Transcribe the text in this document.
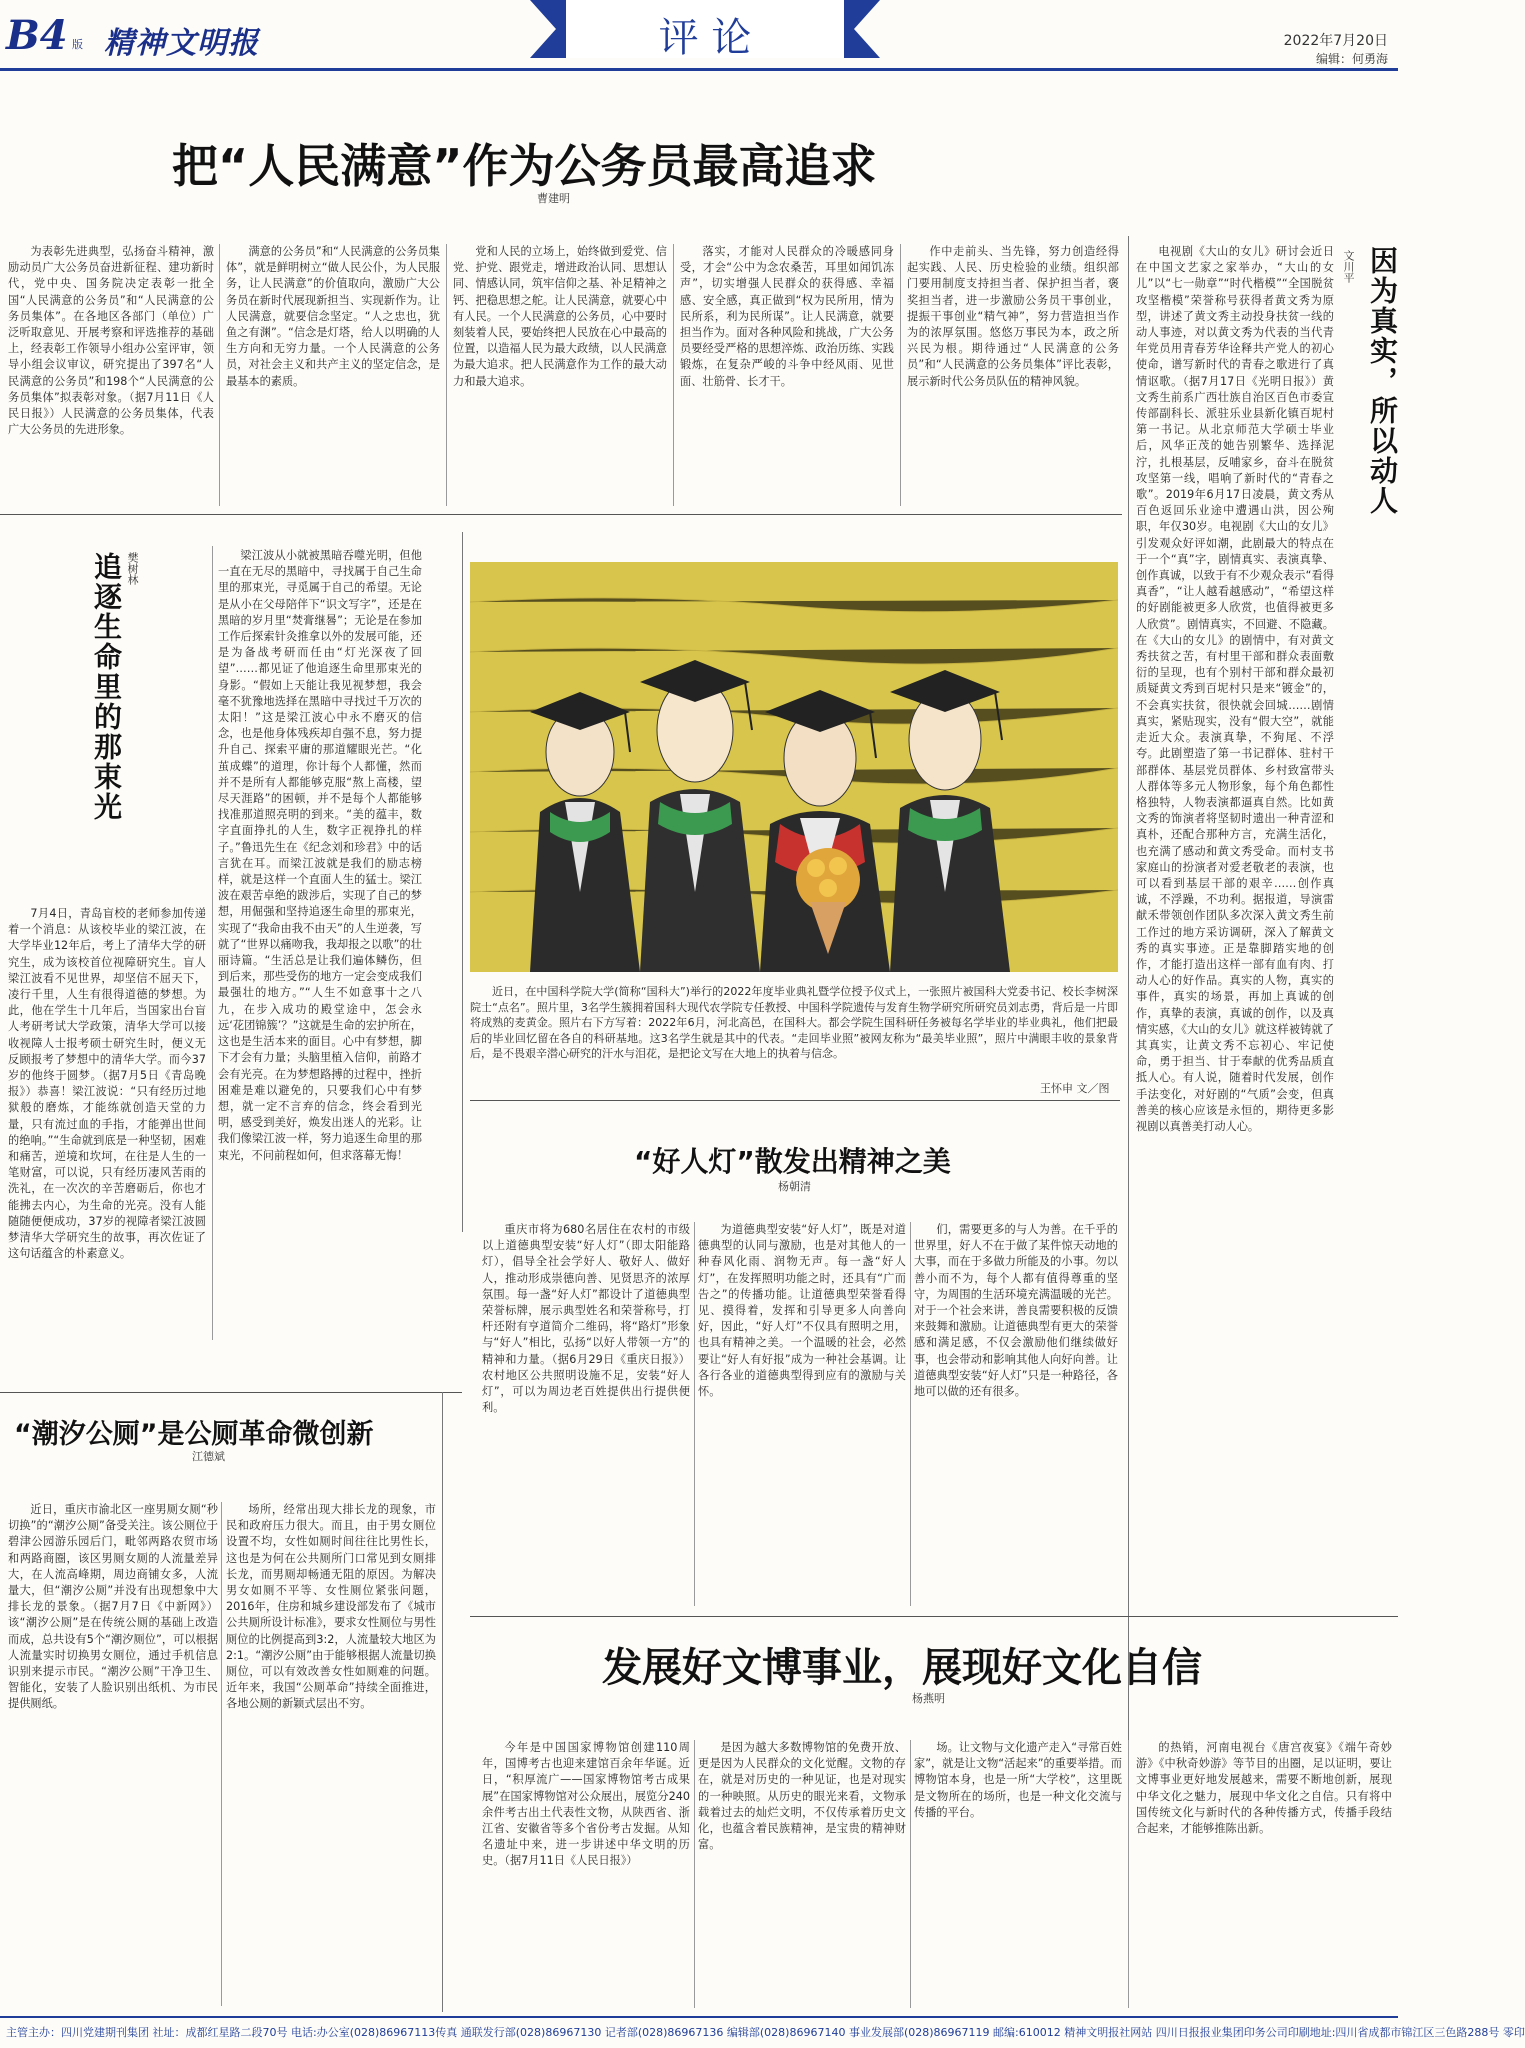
B4 版 精神文明报	评 论	2022年7月20日
编辑：何勇海
把“人民满意”作为公务员最高追求
曹建明

为表彰先进典型，弘扬奋斗精神，激励动员广大公务员奋进新征程、建功新时代，党中央、国务院决定表彰一批全国“人民满意的公务员”和“人民满意的公务员集体”。在各地区各部门（单位）广泛听取意见、开展考察和评选推荐的基础上，经表彰工作领导小组办公室评审，领导小组会议审议，研究提出了397名“人民满意的公务员”和198个“人民满意的公务员集体”拟表彰对象。（据7月11日《人民日报》）人民满意的公务员集体，代表广大公务员的先进形象。

满意的公务员”和“人民满意的公务员集体”，就是鲜明树立“做人民公仆，为人民服务，让人民满意”的价值取向，激励广大公务员在新时代展现新担当、实现新作为。让人民满意，就要信念坚定。“人之忠也，犹鱼之有渊”。“信念是灯塔，给人以明确的人生方向和无穷力量。一个人民满意的公务员，对社会主义和共产主义的坚定信念，是最基本的素质。

党和人民的立场上，始终做到爱党、信党、护党、跟党走，增进政治认同、思想认同、情感认同，筑牢信仰之基、补足精神之钙、把稳思想之舵。让人民满意，就要心中有人民。一个人民满意的公务员，心中要时刻装着人民，要始终把人民放在心中最高的位置，以造福人民为最大政绩，以人民满意为最大追求。把人民满意作为工作的最大动力和最大追求。

落实，才能对人民群众的冷暖感同身受，才会“公中为念农桑苦，耳里如闻饥冻声”，切实增强人民群众的获得感、幸福感、安全感，真正做到“权为民所用，情为民所系，利为民所谋”。让人民满意，就要担当作为。面对各种风险和挑战，广大公务员要经受严格的思想淬炼、政治历练、实践锻炼，在复杂严峻的斗争中经风雨、见世面、壮筋骨、长才干。

作中走前头、当先锋，努力创造经得起实践、人民、历史检验的业绩。组织部门要用制度支持担当者、保护担当者，褒奖担当者，进一步激励公务员干事创业，提振干事创业“精气神”，努力营造担当作为的浓厚氛围。悠悠万事民为本，政之所兴民为根。期待通过“人民满意的公务员”和“人民满意的公务员集体”评比表彰，展示新时代公务员队伍的精神风貌。	因为真实，所以动人
文川平

电视剧《大山的女儿》研讨会近日在中国文艺家之家举办，“大山的女儿”以“七一勋章”“时代楷模”“全国脱贫攻坚楷模”荣誉称号获得者黄文秀为原型，讲述了黄文秀主动投身扶贫一线的动人事迹，对以黄文秀为代表的当代青年党员用青春芳华诠释共产党人的初心使命，谱写新时代的青春之歌进行了真情讴歌。（据7月17日《光明日报》）黄文秀生前系广西壮族自治区百色市委宣传部副科长、派驻乐业县新化镇百坭村第一书记。从北京师范大学硕士毕业后，风华正茂的她告别繁华、选择泥泞，扎根基层，反哺家乡，奋斗在脱贫攻坚第一线，唱响了新时代的“青春之歌”。2019年6月17日凌晨，黄文秀从百色返回乐业途中遭遇山洪，因公殉职，年仅30岁。电视剧《大山的女儿》引发观众好评如潮，此剧最大的特点在于一个“真”字，剧情真实、表演真挚、创作真诚，以致于有不少观众表示“看得真香”，“让人越看越感动”，“希望这样的好剧能被更多人欣赏，也值得被更多人欣赏”。剧情真实，不回避、不隐藏。在《大山的女儿》的剧情中，有对黄文秀扶贫之苦，有村里干部和群众表面敷衍的呈现，也有个别村干部和群众最初质疑黄文秀到百坭村只是来“镀金”的，不会真实扶贫，很快就会回城……剧情真实，紧贴现实，没有“假大空”，就能走近大众。表演真挚，不狗尾、不浮夸。此剧塑造了第一书记群体、驻村干部群体、基层党员群体、乡村致富带头人群体等多元人物形象，每个角色都性格独特，人物表演都逼真自然。比如黄文秀的饰演者将坚韧时遗出一种青涩和真朴，还配合那种方言，充满生活化，也充满了感动和黄文秀受命。而村支书家庭山的扮演者对爱老敬老的表演，也可以看到基层干部的艰辛……创作真诚，不浮躁，不功利。据报道，导演雷献禾带领创作团队多次深入黄文秀生前工作过的地方采访调研，深入了解黄文秀的真实事迹。正是靠脚踏实地的创作，才能打造出这样一部有血有肉、打动人心的好作品。真实的人物，真实的事件，真实的场景，再加上真诚的创作，真挚的表演，真诚的创作，以及真情实感，《大山的女儿》就这样被铸就了其真实，让黄文秀不忘初心、牢记使命，勇于担当、甘于奉献的优秀品质直抵人心。有人说，随着时代发展，创作手法变化，对好剧的“气质”会变，但真善美的核心应该是永恒的，期待更多影视剧以真善美打动人心。

追逐生命里的那束光 樊树林

7月4日，青岛盲校的老师参加传递着一个消息：从该校毕业的梁江波，在大学毕业12年后，考上了清华大学的研究生，成为该校首位视障研究生。盲人梁江波看不见世界，却坚信不屈天下，凌行千里，人生有很得道德的梦想。为此，他在学生十几年后，当国家出台盲人考研考试大学政策，清华大学可以接收视障人士报考硕士研究生时，便义无反顾报考了梦想中的清华大学。而今37岁的他终于圆梦。（据7月5日《青岛晚报》）恭喜！梁江波说：“只有经历过地狱般的磨炼，才能练就创造天堂的力量，只有流过血的手指，才能弹出世间的绝响。”“生命就到底是一种坚韧，困难和痛苦，逆境和坎坷，在往是人生的一笔财富，可以说，只有经历凄风苦雨的洗礼，在一次次的辛苦磨砺后，你也才能拂去内心，为生命的光亮。没有人能随随便便成功，37岁的视障者梁江波圆梦清华大学研究生的故事，再次佐证了这句话蕴含的朴素意义。

梁江波从小就被黑暗吞噬光明，但他一直在无尽的黑暗中，寻找属于自己生命里的那束光，寻觅属于自己的希望。无论是从小在父母陪伴下“识文写字”，还是在黑暗的岁月里“焚膏继晷”；无论是在参加工作后探索针灸推拿以外的发展可能，还是为备战考研而任由“灯光深夜了回望”……都见证了他追逐生命里那束光的身影。“假如上天能让我见视梦想，我会毫不犹豫地选择在黑暗中寻找过千万次的太阳！”这是梁江波心中永不磨灭的信念，也是他身体残疾却自强不息，努力提升自己、探索平庸的那道耀眼光芒。“化茧成蝶”的道理，你计每个人都懂，然而并不是所有人都能够克服“熬上高楼，望尽天涯路”的困顿，并不是每个人都能够找准那道照亮明的到来。“美的蕴丰，数字直面挣扎的人生，数字正视挣扎的样子。”鲁迅先生在《纪念刘和珍君》中的话言犹在耳。而梁江波就是我们的励志榜样，就是这样一个直面人生的猛士。梁江波在艰苦卓绝的跋涉后，实现了自己的梦想，用倔强和坚持追逐生命里的那束光，实现了“我命由我不由天”的人生逆袭，写就了“世界以痛吻我，我却报之以歌”的壮丽诗篇。“生活总是让我们遍体鳞伤，但到后来，那些受伤的地方一定会变成我们最强壮的地方。”“人生不如意事十之八九，在步入成功的殿堂途中，怎会永远‘花团锦簇’？”这就是生命的宏护所在，这也是生活本来的面目。心中有梦想，脚下才会有力量；头脑里植入信仰，前路才会有光亮。在为梦想路搏的过程中，挫折困难是难以避免的，只要我们心中有梦想，就一定不言弃的信念，终会看到光明，感受到美好，焕发出迷人的光彩。让我们像梁江波一样，努力追逐生命里的那束光，不问前程如何，但求落幕无悔！

近日，在中国科学院大学(简称“国科大”)举行的2022年度毕业典礼暨学位授予仪式上，一张照片被国科大党委书记、校长李树深院士“点名”。照片里，3名学生簇拥着国科大现代农学院专任教授、中国科学院遗传与发育生物学研究所研究员刘志勇，背后是一片即将成熟的麦黄金。照片右下方写着：2022年6月，河北高邑，在国科大。都会学院生国科研任务被每名学毕业的毕业典礼，他们把最后的毕业回忆留在各自的科研基地。这3名学生就是其中的代表。“走回毕业照”被网友称为“最美毕业照”，照片中满眼丰收的景象背后，是不畏艰辛潜心研究的汗水与泪花，是把论文写在大地上的执着与信念。

王怀申 文／图
“好人灯”散发出精神之美
杨朝清

重庆市将为680名居住在农村的市级以上道德典型安装“好人灯”（即太阳能路灯），倡导全社会学好人、敬好人、做好人，推动形成崇德向善、见贤思齐的浓厚氛围。每一盏“好人灯”都设计了道德典型荣誉标牌，展示典型姓名和荣誉称号，打杆还附有亨道简介二维码，将“路灯”形象与“好人”相比，弘扬“以好人带领一方”的精神和力量。（据6月29日《重庆日报》）农村地区公共照明设施不足，安装“好人灯”，可以为周边老百姓提供出行提供便利。

为道德典型安装“好人灯”，既是对道德典型的认同与激励，也是对其他人的一种春风化雨、润物无声。每一盏“好人灯”，在发挥照明功能之时，还具有“广而告之”的传播功能。让道德典型荣誉看得见、摸得着，发挥和引导更多人向善向好，因此，“好人灯”不仅具有照明之用，也具有精神之美。一个温暖的社会，必然要让“好人有好报”成为一种社会基调。让各行各业的道德典型得到应有的激励与关怀。

们，需要更多的与人为善。在千乎的世界里，好人不在于做了某件惊天动地的大事，而在于多做力所能及的小事。勿以善小而不为，每个人都有值得尊重的坚守，为周围的生活环境充满温暖的光芒。对于一个社会来讲，善良需要积极的反馈来鼓舞和激励。让道德典型有更大的荣誉感和满足感，不仅会激励他们继续做好事，也会带动和影响其他人向好向善。让道德典型安装“好人灯”只是一种路径，各地可以做的还有很多。

“潮汐公厕”是公厕革命微创新
江德斌

近日，重庆市渝北区一座男厕女厕“秒切换”的“潮汐公厕”备受关注。该公厕位于碧津公园游乐园后门，毗邻两路农贸市场和两路商圈，该区男厕女厕的人流量差异大，在人流高峰期，周边商铺女多，人流量大，但“潮汐公厕”并没有出现想象中大排长龙的景象。（据7月7日《中新网》）该“潮汐公厕”是在传统公厕的基础上改造而成，总共设有5个“潮汐厕位”，可以根据人流量实时切换男女厕位，通过手机信息识别来提示市民。“潮汐公厕”干净卫生、智能化，安装了人脸识别出纸机、为市民提供厕纸。

场所，经常出现大排长龙的现象，市民和政府压力很大。而且，由于男女厕位设置不均，女性如厕时间往往比男性长，这也是为何在公共厕所门口常见到女厕排长龙，而男厕却畅通无阻的原因。为解决男女如厕不平等、女性厕位紧张问题，2016年，住房和城乡建设部发布了《城市公共厕所设计标准》，要求女性厕位与男性厕位的比例提高到3:2，人流量较大地区为2:1。“潮汐公厕”由于能够根据人流量切换厕位，可以有效改善女性如厕难的问题。近年来，我国“公厕革命”持续全面推进，各地公厕的新颖式层出不穷。

发展好文博事业，展现好文化自信
杨燕明

今年是中国国家博物馆创建110周年，国博考古也迎来建馆百余年华诞。近日，“积厚流广——国家博物馆考古成果展”在国家博物馆对公众展出，展览分240余件考古出土代表性文物，从陕西省、浙江省、安徽省等多个省份考古发掘。从知名遗址中来，进一步讲述中华文明的历史。（据7月11日《人民日报》）

是因为越大多数博物馆的免费开放、更是因为人民群众的文化觉醒。文物的存在，就是对历史的一种见证，也是对现实的一种映照。从历史的眼光来看，文物承载着过去的灿烂文明，不仅传承着历史文化，也蕴含着民族精神，是宝贵的精神财富。

场。让文物与文化遗产走入“寻常百姓家”，就是让文物“活起来”的重要举措。而博物馆本身，也是一所“大学校”，这里既是文物所在的场所，也是一种文化交流与传播的平台。

的热销，河南电视台《唐宫夜宴》《端午奇妙游》《中秋奇妙游》等节目的出圈，足以证明，要让文博事业更好地发展越来，需要不断地创新，展现中华文化之魅力，展现中华文化之自信。只有将中国传统文化与新时代的各种传播方式，传播手段结合起来，才能够推陈出新。

主管主办：四川党建期刊集团 社址：成都红星路二段70号 电话:办公室(028)86967113传真 通联发行部(028)86967130 记者部(028)86967136 编辑部(028)86967140 事业发展部(028)86967119 邮编:610012 精神文明报社网站 四川日报报业集团印务公司印刷地址:四川省成都市锦江区三色路288号 零印
